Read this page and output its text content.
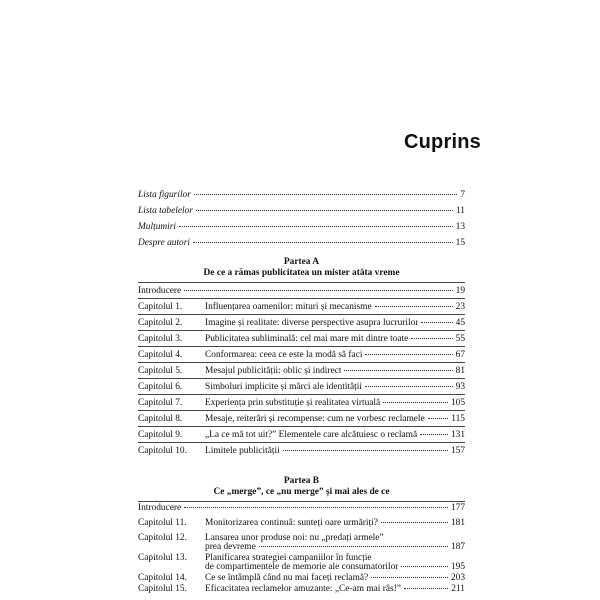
Cuprins
Lista figurilor	7
Lista tabelelor	11
Mulțumiri	13
Despre autori	15
Partea A
De ce a rămas publicitatea un mister atâta vreme
Introducere	19
Capitolul 1.	Influențarea oamenilor: mituri și mecanisme	23
Capitolul 2.	Imagine și realitate: diverse perspective asupra lucrurilor	45
Capitolul 3.	Publicitatea subliminală: cel mai mare mit dintre toate	55
Capitolul 4.	Conformarea: ceea ce este la modă să faci	67
Capitolul 5.	Mesajul publicității: oblic și indirect	81
Capitolul 6.	Simboluri implicite și mărci ale identității	93
Capitolul 7.	Experiența prin substituție și realitatea virtuală	105
Capitolul 8.	Mesaje, reiterări și recompense: cum ne vorbesc reclamele	115
Capitolul 9.	„La ce mă tot uit?” Elementele care alcătuiesc o reclamă	131
Capitolul 10.	Limitele publicității	157
Partea B
Ce „merge”, ce „nu merge” și mai ales de ce
Introducere	177
Capitolul 11.	Monitorizarea continuă: sunteți oare urmăriți?	181
Capitolul 12.	Lansarea unor produse noi: nu „predați armele”
prea devreme	187
Capitolul 13.	Planificarea strategiei campaniilor în funcție
de compartimentele de memorie ale consumatorilor	195
Capitolul 14.	Ce se întâmplă când nu mai faceți reclamă?	203
Capitolul 15.	Eficacitatea reclamelor amuzante: „Ce-am mai râs!”	211
